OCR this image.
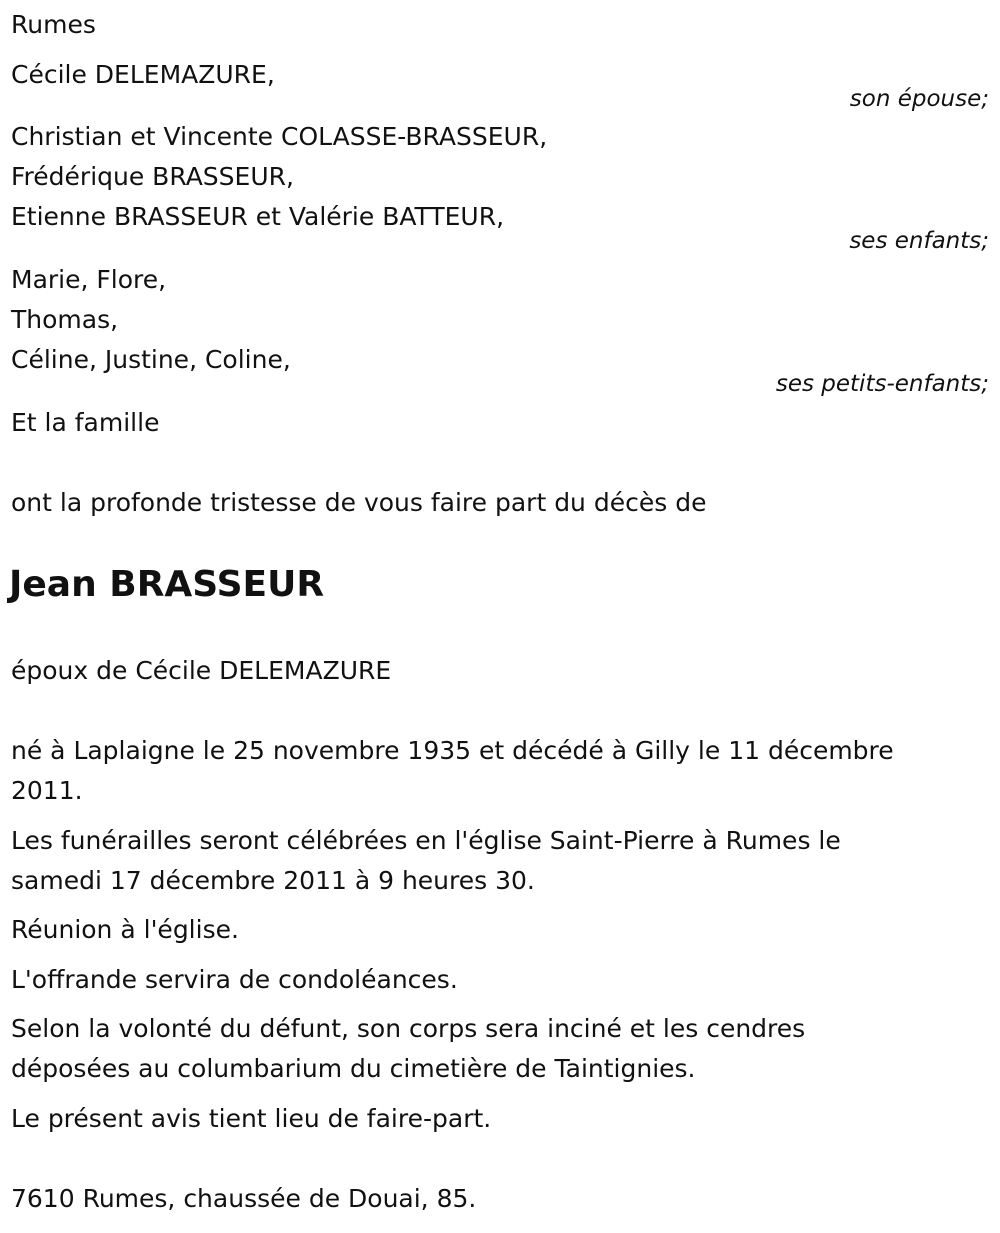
Rumes
Cécile DELEMAZURE,
son épouse;
Christian et Vincente COLASSE-BRASSEUR,
Frédérique BRASSEUR,
Etienne BRASSEUR et Valérie BATTEUR,
ses enfants;
Marie, Flore,
Thomas,
Céline, Justine, Coline,
ses petits-enfants;
Et la famille
ont la profonde tristesse de vous faire part du décès de
Jean BRASSEUR
époux de Cécile DELEMAZURE
né à Laplaigne le 25 novembre 1935 et décédé à Gilly le 11 décembre
2011.
Les funérailles seront célébrées en l'église Saint-Pierre à Rumes le
samedi 17 décembre 2011 à 9 heures 30.
Réunion à l'église.
L'offrande servira de condoléances.
Selon la volonté du défunt, son corps sera inciné et les cendres
déposées au columbarium du cimetière de Taintignies.
Le présent avis tient lieu de faire-part.
7610 Rumes, chaussée de Douai, 85.
